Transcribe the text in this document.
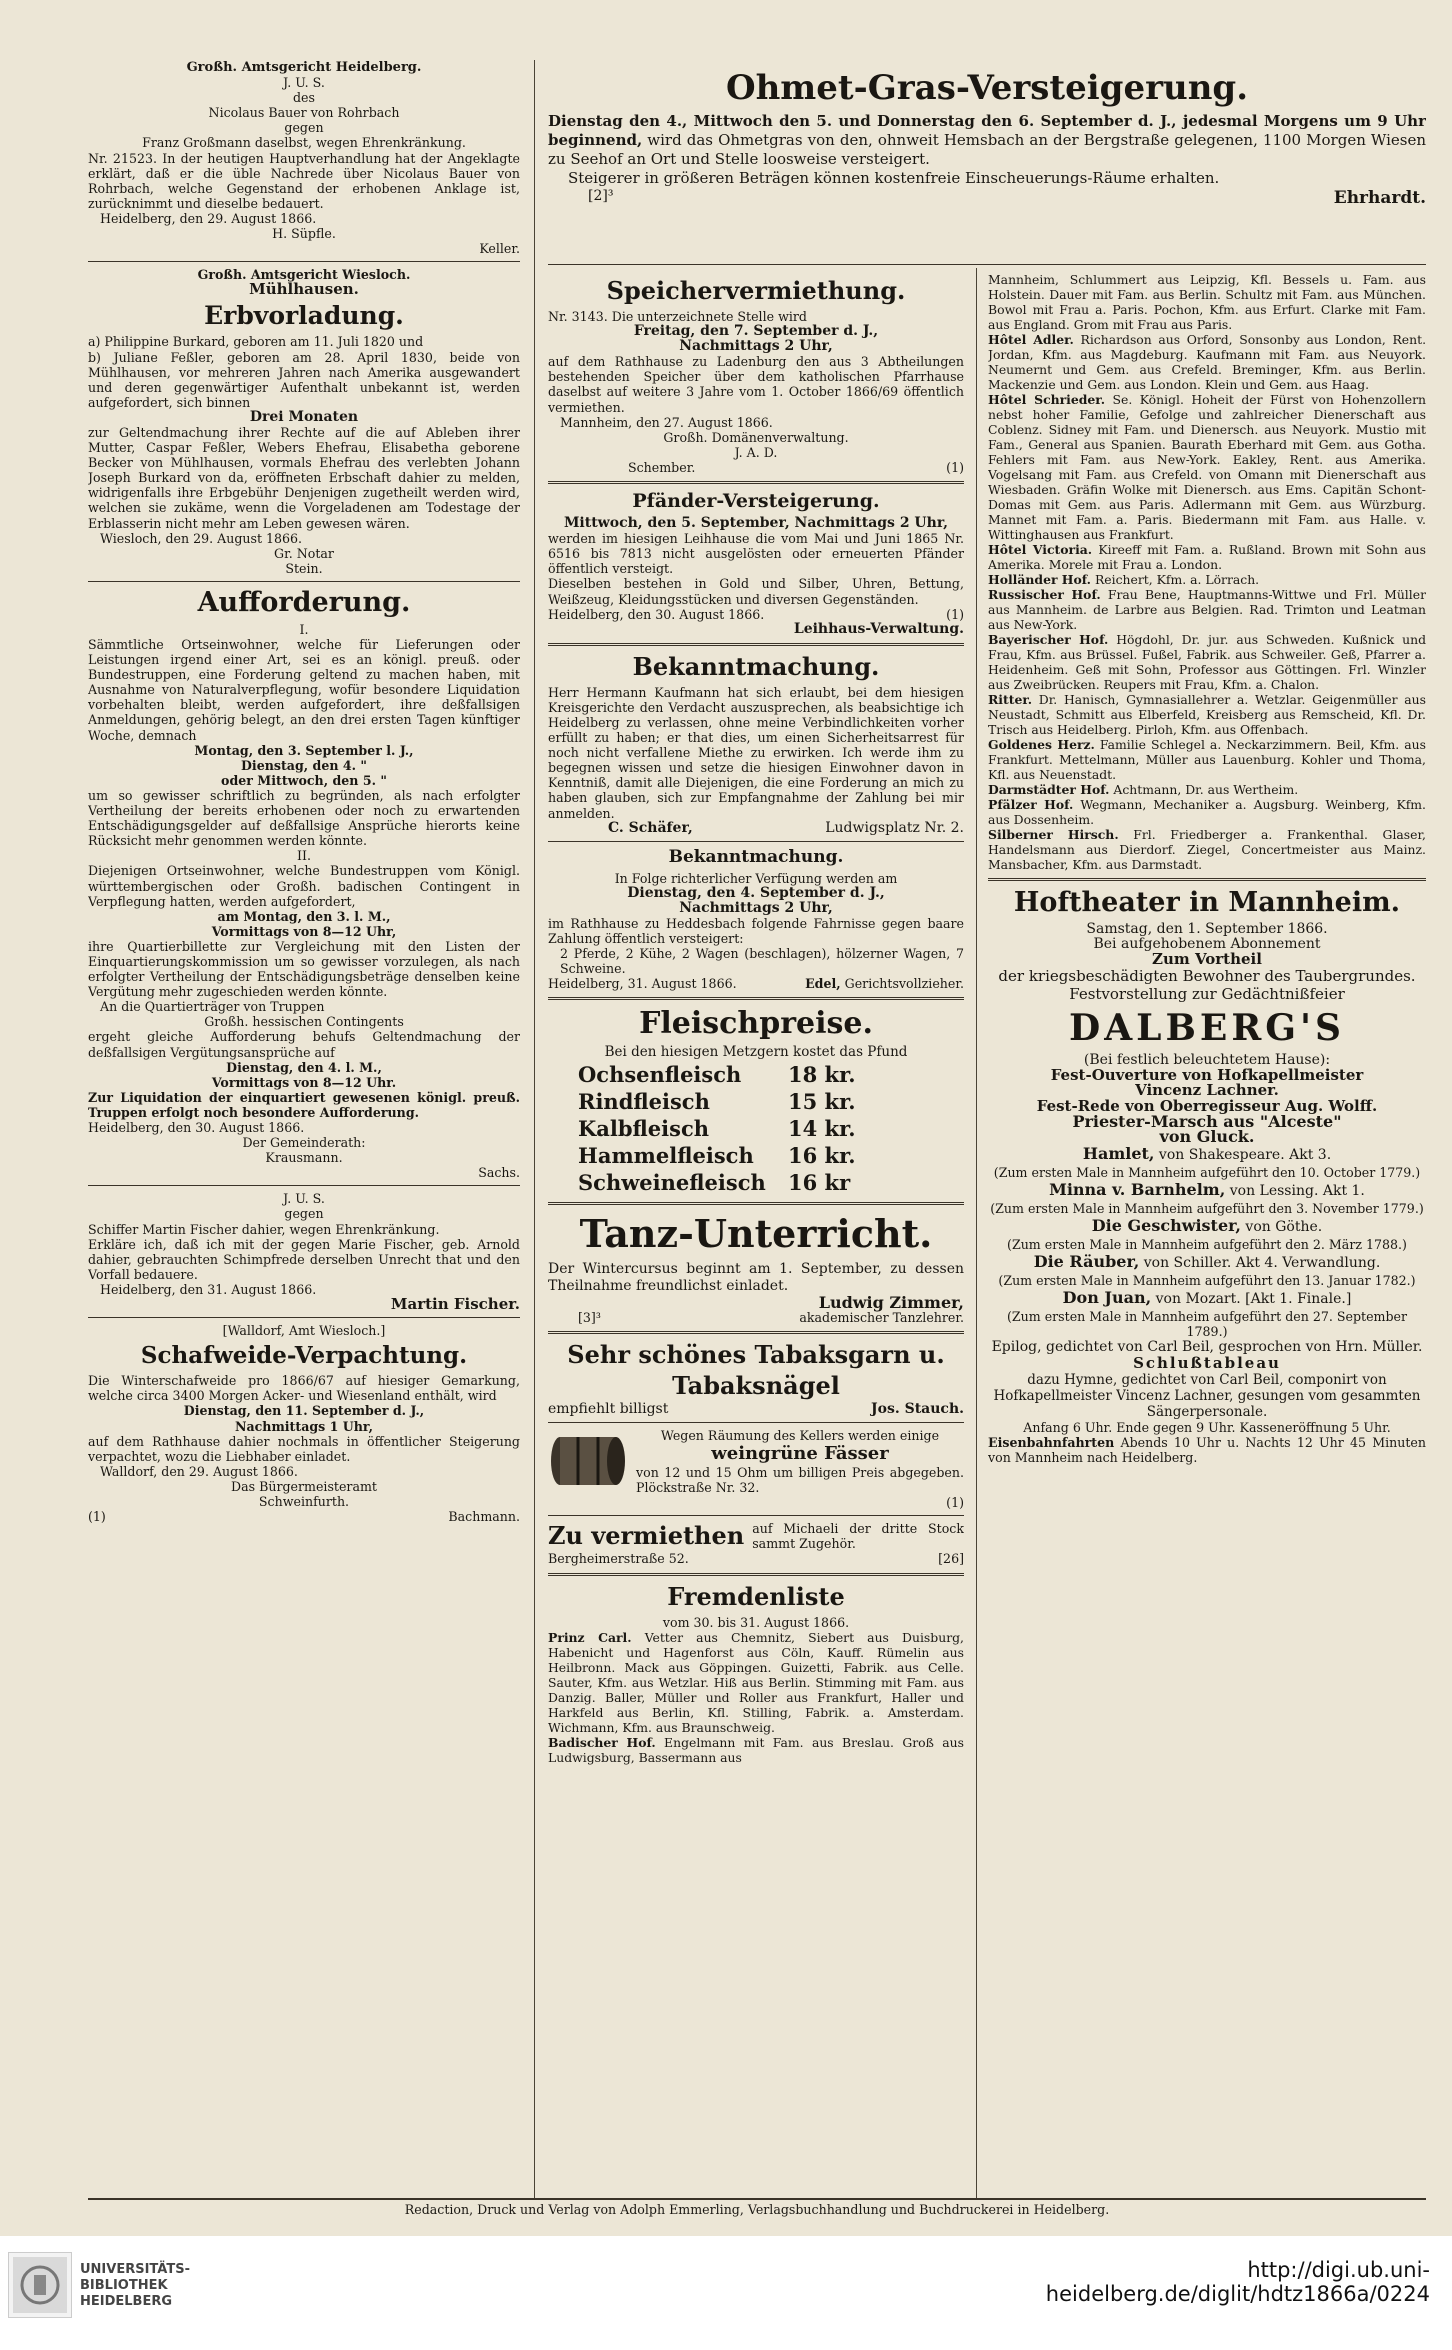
Großh. Amtsgericht Heidelberg.

J. U. S.

des

Nicolaus Bauer von Rohrbach

gegen

Franz Großmann daselbst, wegen Ehrenkränkung.

Nr. 21523. In der heutigen Hauptverhandlung hat der Angeklagte erklärt, daß er die üble Nachrede über Nicolaus Bauer von Rohrbach, welche Gegenstand der erhobenen Anklage ist, zurücknimmt und dieselbe bedauert.

Heidelberg, den 29. August 1866.

H. Süpfle.

Keller.

Großh. Amtsgericht Wiesloch.

Mühlhausen.

Erbvorladung.

a) Philippine Burkard, geboren am 11. Juli 1820 und

b) Juliane Feßler, geboren am 28. April 1830, beide von Mühlhausen, vor mehreren Jahren nach Amerika ausgewandert und deren gegenwärtiger Aufenthalt unbekannt ist, werden aufgefordert, sich binnen

Drei Monaten

zur Geltendmachung ihrer Rechte auf die auf Ableben ihrer Mutter, Caspar Feßler, Webers Ehefrau, Elisabetha geborene Becker von Mühlhausen, vormals Ehefrau des verlebten Johann Joseph Burkard von da, eröffneten Erbschaft dahier zu melden, widrigenfalls ihre Erbgebühr Denjenigen zugetheilt werden wird, welchen sie zukäme, wenn die Vorgeladenen am Todestage der Erblasserin nicht mehr am Leben gewesen wären.

Wiesloch, den 29. August 1866.

Gr. Notar

Stein.

Aufforderung.

I.

Sämmtliche Ortseinwohner, welche für Lieferungen oder Leistungen irgend einer Art, sei es an königl. preuß. oder Bundestruppen, eine Forderung geltend zu machen haben, mit Ausnahme von Naturalverpflegung, wofür besondere Liquidation vorbehalten bleibt, werden aufgefordert, ihre deßfallsigen Anmeldungen, gehörig belegt, an den drei ersten Tagen künftiger Woche, demnach

Montag, den 3. September l. J.,

Dienstag, den 4. "

oder Mittwoch, den 5. "

um so gewisser schriftlich zu begründen, als nach erfolgter Vertheilung der bereits erhobenen oder noch zu erwartenden Entschädigungsgelder auf deßfallsige Ansprüche hierorts keine Rücksicht mehr genommen werden könnte.

II.

Diejenigen Ortseinwohner, welche Bundestruppen vom Königl. württembergischen oder Großh. badischen Contingent in Verpflegung hatten, werden aufgefordert,

am Montag, den 3. l. M.,

Vormittags von 8—12 Uhr,

ihre Quartierbillette zur Vergleichung mit den Listen der Einquartierungskommission um so gewisser vorzulegen, als nach erfolgter Vertheilung der Entschädigungsbeträge denselben keine Vergütung mehr zugeschieden werden könnte.

An die Quartierträger von Truppen

Großh. hessischen Contingents

ergeht gleiche Aufforderung behufs Geltendmachung der deßfallsigen Vergütungsansprüche auf

Dienstag, den 4. l. M.,

Vormittags von 8—12 Uhr.

Zur Liquidation der einquartiert gewesenen königl. preuß. Truppen erfolgt noch besondere Aufforderung.

Heidelberg, den 30. August 1866.

Der Gemeinderath:

Krausmann.

Sachs.

J. U. S.

gegen

Schiffer Martin Fischer dahier, wegen Ehrenkränkung.

Erkläre ich, daß ich mit der gegen Marie Fischer, geb. Arnold dahier, gebrauchten Schimpfrede derselben Unrecht that und den Vorfall bedauere.

Heidelberg, den 31. August 1866.

Martin Fischer.

[Walldorf, Amt Wiesloch.]

Schafweide-Verpachtung.

Die Winterschafweide pro 1866/67 auf hiesiger Gemarkung, welche circa 3400 Morgen Acker- und Wiesenland enthält, wird

Dienstag, den 11. September d. J.,

Nachmittags 1 Uhr,

auf dem Rathhause dahier nochmals in öffentlicher Steigerung verpachtet, wozu die Liebhaber einladet.

Walldorf, den 29. August 1866.

Das Bürgermeisteramt

Schweinfurth.

(1)	Bachmann.

Ohmet-Gras-Versteigerung.

Dienstag den 4., Mittwoch den 5. und Donnerstag den 6. September d. J., jedesmal Morgens um 9 Uhr beginnend, wird das Ohmetgras von den, ohnweit Hemsbach an der Bergstraße gelegenen, 1100 Morgen Wiesen zu Seehof an Ort und Stelle loosweise versteigert.

Steigerer in größeren Beträgen können kostenfreie Einscheuerungs-Räume erhalten.

[2]³	Ehrhardt.

Speichervermiethung.

Nr. 3143. Die unterzeichnete Stelle wird

Freitag, den 7. September d. J.,

Nachmittags 2 Uhr,

auf dem Rathhause zu Ladenburg den aus 3 Abtheilungen bestehenden Speicher über dem katholischen Pfarrhause daselbst auf weitere 3 Jahre vom 1. October 1866/69 öffentlich vermiethen.

Mannheim, den 27. August 1866.

Großh. Domänenverwaltung.

J. A. D.

Schember.	(1)

Pfänder-Versteigerung.

Mittwoch, den 5. September, Nachmittags 2 Uhr,

werden im hiesigen Leihhause die vom Mai und Juni 1865 Nr. 6516 bis 7813 nicht ausgelösten oder erneuerten Pfänder öffentlich versteigt.

Dieselben bestehen in Gold und Silber, Uhren, Bettung, Weißzeug, Kleidungsstücken und diversen Gegenständen.

Heidelberg, den 30. August 1866.	(1)

Leihhaus-Verwaltung.

Bekanntmachung.

Herr Hermann Kaufmann hat sich erlaubt, bei dem hiesigen Kreisgerichte den Verdacht auszusprechen, als beabsichtige ich Heidelberg zu verlassen, ohne meine Verbindlichkeiten vorher erfüllt zu haben; er that dies, um einen Sicherheitsarrest für noch nicht verfallene Miethe zu erwirken. Ich werde ihm zu begegnen wissen und setze die hiesigen Einwohner davon in Kenntniß, damit alle Diejenigen, die eine Forderung an mich zu haben glauben, sich zur Empfangnahme der Zahlung bei mir anmelden.

C. Schäfer,	Ludwigsplatz Nr. 2.

Bekanntmachung.

In Folge richterlicher Verfügung werden am

Dienstag, den 4. September d. J.,

Nachmittags 2 Uhr,

im Rathhause zu Heddesbach folgende Fahrnisse gegen baare Zahlung öffentlich versteigert:

2 Pferde, 2 Kühe, 2 Wagen (beschlagen), hölzerner Wagen, 7 Schweine.

Heidelberg, 31. August 1866.	Edel, Gerichtsvollzieher.

Fleischpreise.

Bei den hiesigen Metzgern kostet das Pfund

Ochsenfleisch	18 kr.
Rindfleisch	15 kr.
Kalbfleisch	14 kr.
Hammelfleisch	16 kr.
Schweinefleisch	16 kr

Tanz-Unterricht.

Der Wintercursus beginnt am 1. September, zu dessen Theilnahme freundlichst einladet.

Ludwig Zimmer,

[3]³	akademischer Tanzlehrer.

Sehr schönes Tabaksgarn u.

Tabaksnägel

empfiehlt billigst	Jos. Stauch.

Wegen Räumung des Kellers werden einige

weingrüne Fässer

von 12 und 15 Ohm um billigen Preis abgegeben. Plöckstraße Nr. 32.

(1)

Zu vermiethen auf Michaeli der dritte Stock sammt Zugehör.
Bergheimerstraße 52.	[26]

Fremdenliste

vom 30. bis 31. August 1866.

Prinz Carl. Vetter aus Chemnitz, Siebert aus Duisburg, Habenicht und Hagenforst aus Cöln, Kauff. Rümelin aus Heilbronn. Mack aus Göppingen. Guizetti, Fabrik. aus Celle. Sauter, Kfm. aus Wetzlar. Hiß aus Berlin. Stimming mit Fam. aus Danzig. Baller, Müller und Roller aus Frankfurt, Haller und Harkfeld aus Berlin, Kfl. Stilling, Fabrik. a. Amsterdam. Wichmann, Kfm. aus Braunschweig.

Badischer Hof. Engelmann mit Fam. aus Breslau. Groß aus Ludwigsburg, Bassermann aus

Mannheim, Schlummert aus Leipzig, Kfl. Bessels u. Fam. aus Holstein. Dauer mit Fam. aus Berlin. Schultz mit Fam. aus München. Bowol mit Frau a. Paris. Pochon, Kfm. aus Erfurt. Clarke mit Fam. aus England. Grom mit Frau aus Paris.

Hôtel Adler. Richardson aus Orford, Sonsonby aus London, Rent. Jordan, Kfm. aus Magdeburg. Kaufmann mit Fam. aus Neuyork. Neumernt und Gem. aus Crefeld. Breminger, Kfm. aus Berlin. Mackenzie und Gem. aus London. Klein und Gem. aus Haag.

Hôtel Schrieder. Se. Königl. Hoheit der Fürst von Hohenzollern nebst hoher Familie, Gefolge und zahlreicher Dienerschaft aus Coblenz. Sidney mit Fam. und Dienersch. aus Neuyork. Mustio mit Fam., General aus Spanien. Baurath Eberhard mit Gem. aus Gotha. Fehlers mit Fam. aus New-York. Eakley, Rent. aus Amerika. Vogelsang mit Fam. aus Crefeld. von Omann mit Dienerschaft aus Wiesbaden. Gräfin Wolke mit Dienersch. aus Ems. Capitän Schont-Domas mit Gem. aus Paris. Adlermann mit Gem. aus Würzburg. Mannet mit Fam. a. Paris. Biedermann mit Fam. aus Halle. v. Wittinghausen aus Frankfurt.

Hôtel Victoria. Kireeff mit Fam. a. Rußland. Brown mit Sohn aus Amerika. Morele mit Frau a. London.

Holländer Hof. Reichert, Kfm. a. Lörrach.

Russischer Hof. Frau Bene, Hauptmanns-Wittwe und Frl. Müller aus Mannheim. de Larbre aus Belgien. Rad. Trimton und Leatman aus New-York.

Bayerischer Hof. Högdohl, Dr. jur. aus Schweden. Kußnick und Frau, Kfm. aus Brüssel. Fußel, Fabrik. aus Schweiler. Geß, Pfarrer a. Heidenheim. Geß mit Sohn, Professor aus Göttingen. Frl. Winzler aus Zweibrücken. Reupers mit Frau, Kfm. a. Chalon.

Ritter. Dr. Hanisch, Gymnasiallehrer a. Wetzlar. Geigenmüller aus Neustadt, Schmitt aus Elberfeld, Kreisberg aus Remscheid, Kfl. Dr. Trisch aus Heidelberg. Pirloh, Kfm. aus Offenbach.

Goldenes Herz. Familie Schlegel a. Neckarzimmern. Beil, Kfm. aus Frankfurt. Mettelmann, Müller aus Lauenburg. Kohler und Thoma, Kfl. aus Neuenstadt.

Darmstädter Hof. Achtmann, Dr. aus Wertheim.

Pfälzer Hof. Wegmann, Mechaniker a. Augsburg. Weinberg, Kfm. aus Dossenheim.

Silberner Hirsch. Frl. Friedberger a. Frankenthal. Glaser, Handelsmann aus Dierdorf. Ziegel, Concertmeister aus Mainz. Mansbacher, Kfm. aus Darmstadt.

Hoftheater in Mannheim.

Samstag, den 1. September 1866.

Bei aufgehobenem Abonnement

Zum Vortheil

der kriegsbeschädigten Bewohner des Taubergrundes.

Festvorstellung zur Gedächtnißfeier

DALBERG'S

(Bei festlich beleuchtetem Hause):

Fest-Ouverture von Hofkapellmeister

Vincenz Lachner.

Fest-Rede von Oberregisseur Aug. Wolff.

Priester-Marsch aus "Alceste"

von Gluck.

Hamlet, von Shakespeare. Akt 3.

(Zum ersten Male in Mannheim aufgeführt den 10. October 1779.)

Minna v. Barnhelm, von Lessing. Akt 1.

(Zum ersten Male in Mannheim aufgeführt den 3. November 1779.)

Die Geschwister, von Göthe.

(Zum ersten Male in Mannheim aufgeführt den 2. März 1788.)

Die Räuber, von Schiller. Akt 4. Verwandlung.

(Zum ersten Male in Mannheim aufgeführt den 13. Januar 1782.)

Don Juan, von Mozart. [Akt 1. Finale.]

(Zum ersten Male in Mannheim aufgeführt den 27. September 1789.)

Epilog, gedichtet von Carl Beil, gesprochen von Hrn. Müller.

Schlußtableau

dazu Hymne, gedichtet von Carl Beil, componirt von Hofkapellmeister Vincenz Lachner, gesungen vom gesammten Sängerpersonale.

Anfang 6 Uhr. Ende gegen 9 Uhr. Kasseneröffnung 5 Uhr.

Eisenbahnfahrten Abends 10 Uhr u. Nachts 12 Uhr 45 Minuten von Mannheim nach Heidelberg.

Redaction, Druck und Verlag von Adolph Emmerling, Verlagsbuchhandlung und Buchdruckerei in Heidelberg.
UNIVERSITÄTS-
BIBLIOTHEK
HEIDELBERG
http://digi.ub.uni-heidelberg.de/diglit/hdtz1866a/0224
